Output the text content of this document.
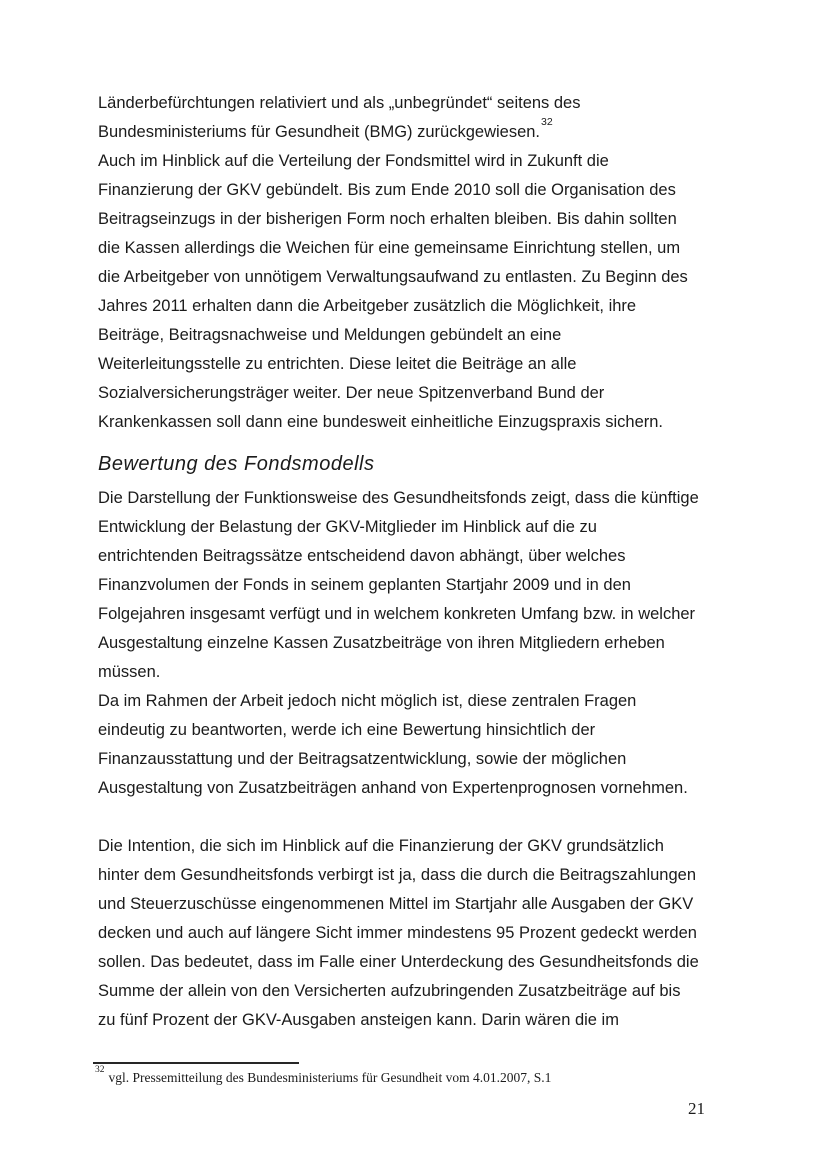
Länderbefürchtungen relativiert und als „unbegründet“ seitens des
Bundesministeriums für Gesundheit (BMG) zurückgewiesen.$^{32}$
Auch im Hinblick auf die Verteilung der Fondsmittel wird in Zukunft die
Finanzierung der GKV gebündelt. Bis zum Ende 2010 soll die Organisation des
Beitragseinzugs in der bisherigen Form noch erhalten bleiben. Bis dahin sollten
die Kassen allerdings die Weichen für eine gemeinsame Einrichtung stellen, um
die Arbeitgeber von unnötigem Verwaltungsaufwand zu entlasten. Zu Beginn des
Jahres 2011 erhalten dann die Arbeitgeber zusätzlich die Möglichkeit, ihre
Beiträge, Beitragsnachweise und Meldungen gebündelt an eine
Weiterleitungsstelle zu entrichten. Diese leitet die Beiträge an alle
Sozialversicherungsträger weiter. Der neue Spitzenverband Bund der
Krankenkassen soll dann eine bundesweit einheitliche Einzugspraxis sichern.
Bewertung des Fondsmodells
Die Darstellung der Funktionsweise des Gesundheitsfonds zeigt, dass die künftige
Entwicklung der Belastung der GKV-Mitglieder im Hinblick auf die zu
entrichtenden Beitragssätze entscheidend davon abhängt, über welches
Finanzvolumen der Fonds in seinem geplanten Startjahr 2009 und in den
Folgejahren insgesamt verfügt und in welchem konkreten Umfang bzw. in welcher
Ausgestaltung einzelne Kassen Zusatzbeiträge von ihren Mitgliedern erheben
müssen.
Da im Rahmen der Arbeit jedoch nicht möglich ist, diese zentralen Fragen
eindeutig zu beantworten, werde ich eine Bewertung hinsichtlich der
Finanzausstattung und der Beitragsatzentwicklung, sowie der möglichen
Ausgestaltung von Zusatzbeiträgen anhand von Expertenprognosen vornehmen.
Die Intention, die sich im Hinblick auf die Finanzierung der GKV grundsätzlich
hinter dem Gesundheitsfonds verbirgt ist ja, dass die durch die Beitragszahlungen
und Steuerzuschüsse eingenommenen Mittel im Startjahr alle Ausgaben der GKV
decken und auch auf längere Sicht immer mindestens 95 Prozent gedeckt werden
sollen. Das bedeutet, dass im Falle einer Unterdeckung des Gesundheitsfonds die
Summe der allein von den Versicherten aufzubringenden Zusatzbeiträge auf bis
zu fünf Prozent der GKV-Ausgaben ansteigen kann. Darin wären die im
$^{32}$vgl. Pressemitteilung des Bundesministeriums für Gesundheit vom 4.01.2007, S.1
21
